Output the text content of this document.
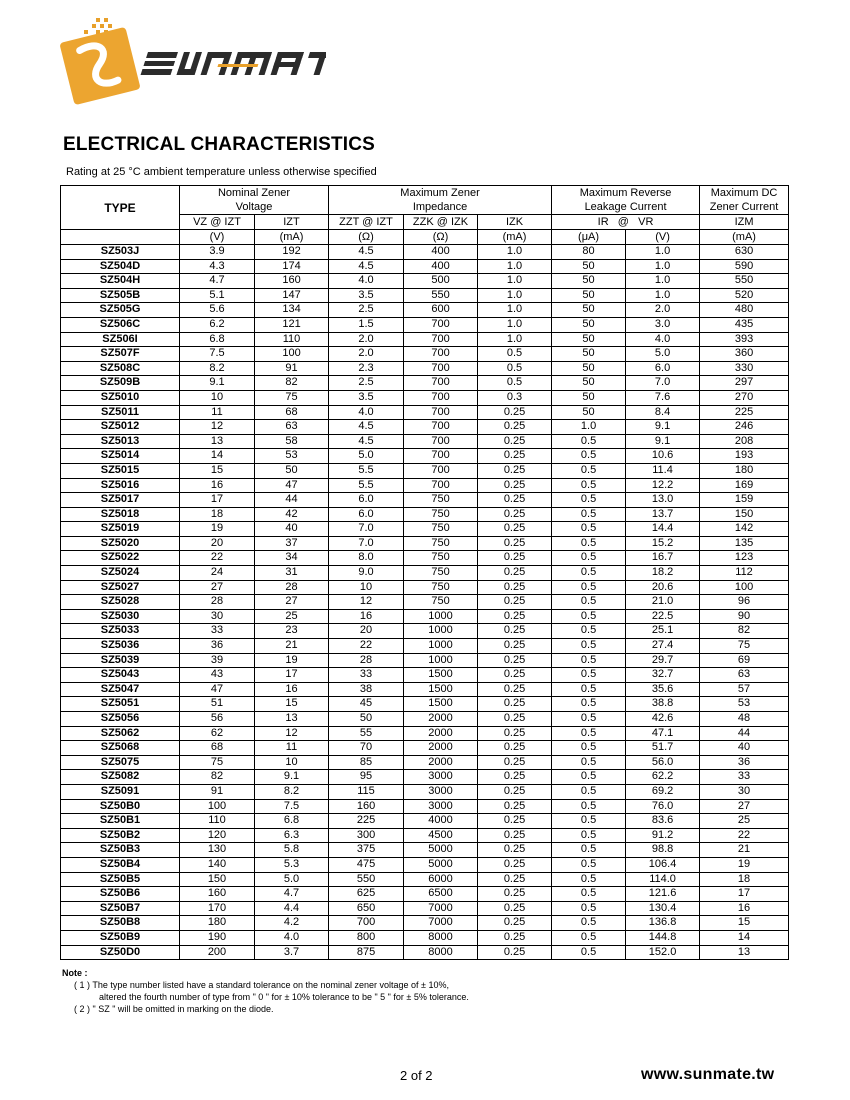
ELECTRICAL CHARACTERISTICS
Rating at 25 °C ambient temperature unless otherwise specified
TYPE	Nominal Zener		Maximum Zener			Maximum Reverse		Maximum DC
	Voltage		Impedance			Leakage Current		Zener Current
	VZ @ IZT	IZT	ZZT @ IZT	ZZK @ IZK	IZK	IR   @   VR		IZM
	(V)	(mA)	(Ω)	(Ω)	(mA)	(μA)	(V)	(mA)
SZ503J	3.9	192	4.5	400	1.0	80	1.0	630
SZ504D	4.3	174	4.5	400	1.0	50	1.0	590
SZ504H	4.7	160	4.0	500	1.0	50	1.0	550
SZ505B	5.1	147	3.5	550	1.0	50	1.0	520
SZ505G	5.6	134	2.5	600	1.0	50	2.0	480
SZ506C	6.2	121	1.5	700	1.0	50	3.0	435
SZ506I	6.8	110	2.0	700	1.0	50	4.0	393
SZ507F	7.5	100	2.0	700	0.5	50	5.0	360
SZ508C	8.2	91	2.3	700	0.5	50	6.0	330
SZ509B	9.1	82	2.5	700	0.5	50	7.0	297
SZ5010	10	75	3.5	700	0.3	50	7.6	270
SZ5011	11	68	4.0	700	0.25	50	8.4	225
SZ5012	12	63	4.5	700	0.25	1.0	9.1	246
SZ5013	13	58	4.5	700	0.25	0.5	9.1	208
SZ5014	14	53	5.0	700	0.25	0.5	10.6	193
SZ5015	15	50	5.5	700	0.25	0.5	11.4	180
SZ5016	16	47	5.5	700	0.25	0.5	12.2	169
SZ5017	17	44	6.0	750	0.25	0.5	13.0	159
SZ5018	18	42	6.0	750	0.25	0.5	13.7	150
SZ5019	19	40	7.0	750	0.25	0.5	14.4	142
SZ5020	20	37	7.0	750	0.25	0.5	15.2	135
SZ5022	22	34	8.0	750	0.25	0.5	16.7	123
SZ5024	24	31	9.0	750	0.25	0.5	18.2	112
SZ5027	27	28	10	750	0.25	0.5	20.6	100
SZ5028	28	27	12	750	0.25	0.5	21.0	96
SZ5030	30	25	16	1000	0.25	0.5	22.5	90
SZ5033	33	23	20	1000	0.25	0.5	25.1	82
SZ5036	36	21	22	1000	0.25	0.5	27.4	75
SZ5039	39	19	28	1000	0.25	0.5	29.7	69
SZ5043	43	17	33	1500	0.25	0.5	32.7	63
SZ5047	47	16	38	1500	0.25	0.5	35.6	57
SZ5051	51	15	45	1500	0.25	0.5	38.8	53
SZ5056	56	13	50	2000	0.25	0.5	42.6	48
SZ5062	62	12	55	2000	0.25	0.5	47.1	44
SZ5068	68	11	70	2000	0.25	0.5	51.7	40
SZ5075	75	10	85	2000	0.25	0.5	56.0	36
SZ5082	82	9.1	95	3000	0.25	0.5	62.2	33
SZ5091	91	8.2	115	3000	0.25	0.5	69.2	30
SZ50B0	100	7.5	160	3000	0.25	0.5	76.0	27
SZ50B1	110	6.8	225	4000	0.25	0.5	83.6	25
SZ50B2	120	6.3	300	4500	0.25	0.5	91.2	22
SZ50B3	130	5.8	375	5000	0.25	0.5	98.8	21
SZ50B4	140	5.3	475	5000	0.25	0.5	106.4	19
SZ50B5	150	5.0	550	6000	0.25	0.5	114.0	18
SZ50B6	160	4.7	625	6500	0.25	0.5	121.6	17
SZ50B7	170	4.4	650	7000	0.25	0.5	130.4	16
SZ50B8	180	4.2	700	7000	0.25	0.5	136.8	15
SZ50B9	190	4.0	800	8000	0.25	0.5	144.8	14
SZ50D0	200	3.7	875	8000	0.25	0.5	152.0	13
Note :
( 1 ) The type number listed have a standard tolerance on the nominal zener voltage of ± 10%,
altered the fourth number of type from " 0 " for ± 10% tolerance to be " 5 " for ± 5% tolerance.
( 2 ) " SZ " will be omitted in marking on the diode.
2 of 2	www.sunmate.tw
